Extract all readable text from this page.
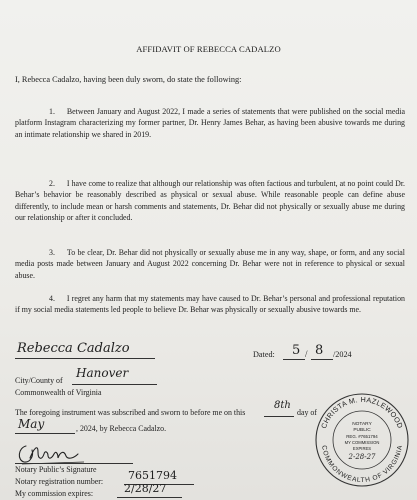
AFFIDAVIT OF REBECCA CADALZO
I, Rebecca Cadalzo, having been duly sworn, do state the following:
1. Between January and August 2022, I made a series of statements that were published on the social media platform Instagram characterizing my former partner, Dr. Henry James Behar, as having been abusive towards me during an intimate relationship we shared in 2019.
2. I have come to realize that although our relationship was often factious and turbulent, at no point could Dr. Behar’s behavior be reasonably described as physical or sexual abuse. While reasonable people can define abuse differently, to include mean or harsh comments and statements, Dr. Behar did not physically or sexually abuse me during our relationship or after it concluded.
3. To be clear, Dr. Behar did not physically or sexually abuse me in any way, shape, or form, and any social media posts made between January and August 2022 concerning Dr. Behar were not in reference to physical or sexual abuse.
4. I regret any harm that my statements may have caused to Dr. Behar’s personal and professional reputation if my social media statements led people to believe Dr. Behar was physically or sexually abusive towards me.
Rebecca Cadalzo	Dated: 5 / 8 /2024
City/County of
Hanover
Commonwealth of Virginia
The foregoing instrument was subscribed and sworn to before me on this
8th
day of
May	, 2024, by Rebecca Cadalzo.
Notary Public’s Signature
Notary registration number: 7651794
My commission expires:	2/28/27
CHRISTA M. HAZLEWOOD
COMMONWEALTH OF VIRGINIA
NOTARY
PUBLIC
REG. #7651794
MY COMMISSION
EXPIRES
2-28-27
